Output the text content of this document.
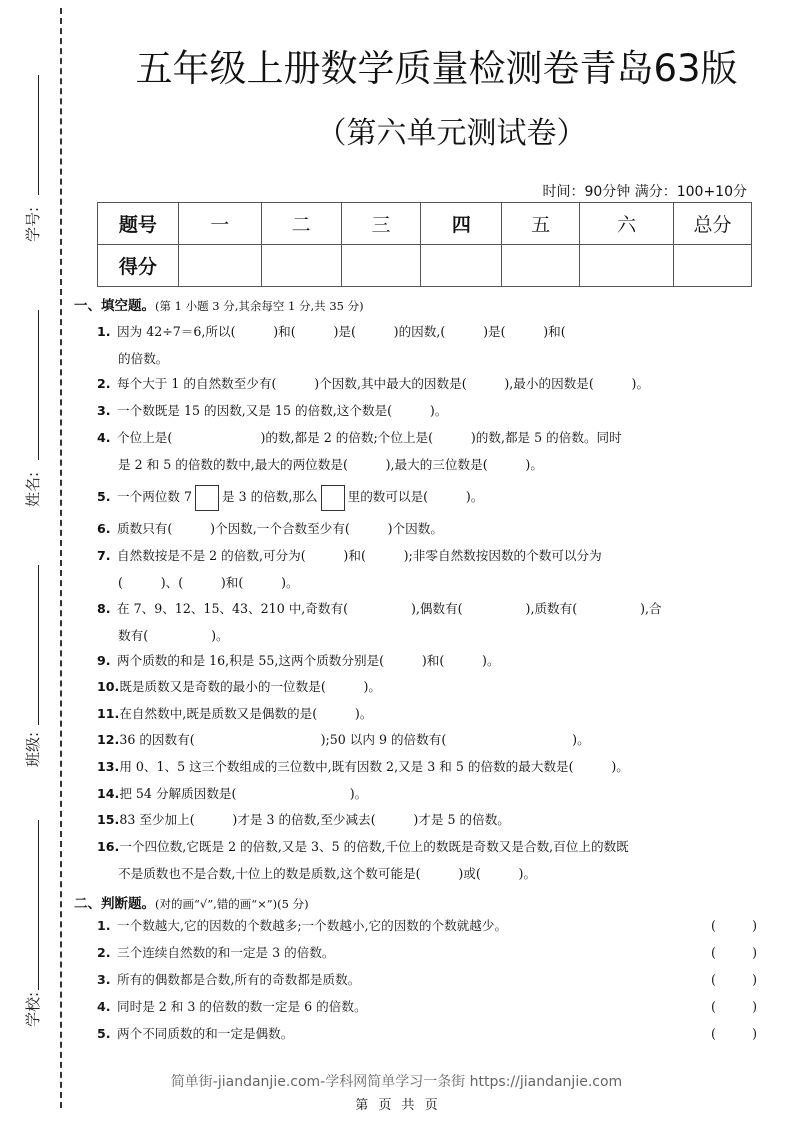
学号:
姓名:
班级:
学校:
五年级上册数学质量检测卷青岛63版
（第六单元测试卷）
时间：90分钟 满分：100+10分
题号	一	二	三	四	五	六	总分
得分							
一、填空题。(第 1 小题 3 分,其余每空 1 分,共 35 分)
1. 因为 42÷7＝6,所以(　　　)和(　　　)是(　　　)的因数,(　　　)是(　　　)和(
的倍数。
2. 每个大于 1 的自然数至少有(　　　)个因数,其中最大的因数是(　　　),最小的因数是(　　　)。
3. 一个数既是 15 的因数,又是 15 的倍数,这个数是(　　　)。
4. 个位上是(　　　　　　　)的数,都是 2 的倍数;个位上是(　　　)的数,都是 5 的倍数。同时
是 2 和 5 的倍数的数中,最大的两位数是(　　　),最大的三位数是(　　　)。
5. 一个两位数 7 是 3 的倍数,那么 里的数可以是(　　　)。
6. 质数只有(　　　)个因数,一个合数至少有(　　　)个因数。
7. 自然数按是不是 2 的倍数,可分为(　　　)和(　　　);非零自然数按因数的个数可以分为
(　　　)、(　　　)和(　　　)。
8. 在 7、9、12、15、43、210 中,奇数有(　　　　　),偶数有(　　　　　),质数有(　　　　　),合
数有(　　　　　)。
9. 两个质数的和是 16,积是 55,这两个质数分别是(　　　)和(　　　)。
10.既是质数又是奇数的最小的一位数是(　　　)。
11.在自然数中,既是质数又是偶数的是(　　　)。
12.36 的因数有(　　　　　　　　　　);50 以内 9 的倍数有(　　　　　　　　　　)。
13.用 0、1、5 这三个数组成的三位数中,既有因数 2,又是 3 和 5 的倍数的最大数是(　　　)。
14.把 54 分解质因数是(　　　　　　　　　)。
15.83 至少加上(　　　)才是 3 的倍数,至少减去(　　　)才是 5 的倍数。
16.一个四位数,它既是 2 的倍数,又是 3、5 的倍数,千位上的数既是奇数又是合数,百位上的数既
不是质数也不是合数,十位上的数是质数,这个数可能是(　　　)或(　　　)。
二、判断题。(对的画“√”,错的画“×”)(5 分)
1. 一个数越大,它的因数的个数越多;一个数越小,它的因数的个数就越少。	(	)
2. 三个连续自然数的和一定是 3 的倍数。	(	)
3. 所有的偶数都是合数,所有的奇数都是质数。	(	)
4. 同时是 2 和 3 的倍数的数一定是 6 的倍数。	(	)
5. 两个不同质数的和一定是偶数。	(	)
简单街-jiandanjie.com-学科网简单学习一条街 https://jiandanjie.com
第 页 共 页
